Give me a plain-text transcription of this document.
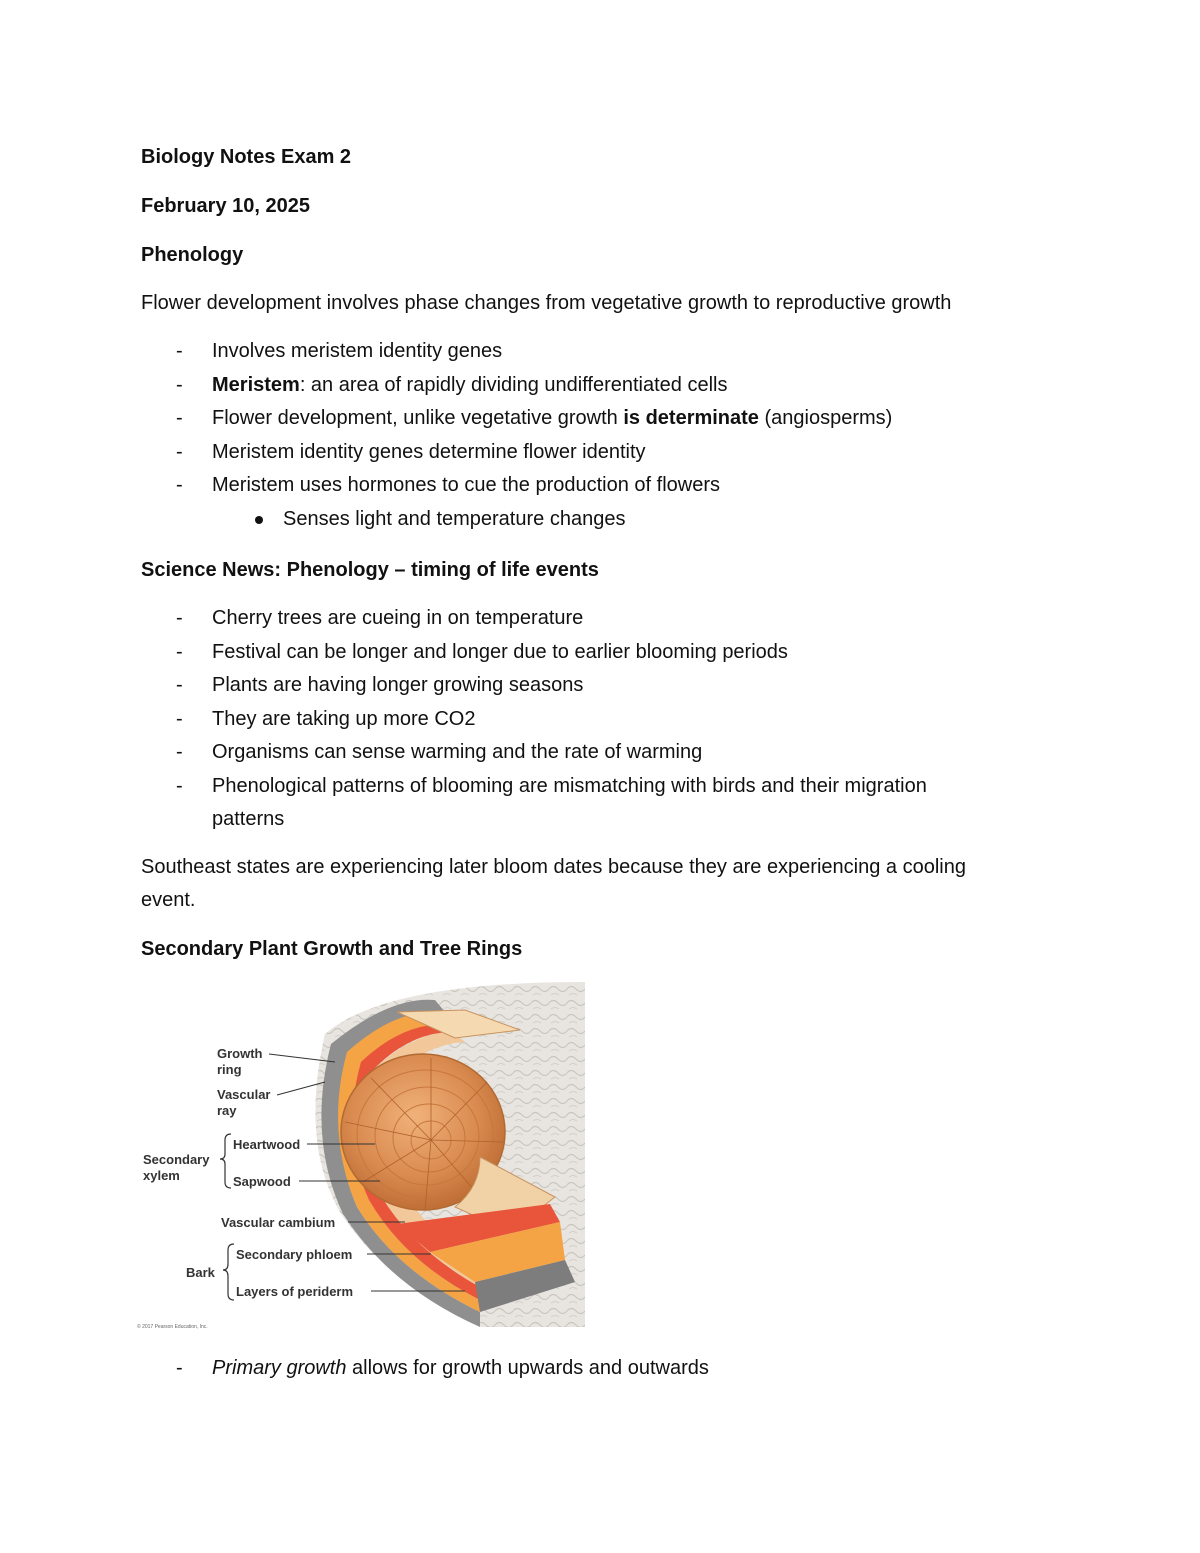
Biology Notes Exam 2
February 10, 2025
Phenology
Flower development involves phase changes from vegetative growth to reproductive growth
- Involves meristem identity genes
- Meristem: an area of rapidly dividing undifferentiated cells
- Flower development, unlike vegetative growth is determinate (angiosperms)
- Meristem identity genes determine flower identity
- Meristem uses hormones to cue the production of flowers
Senses light and temperature changes
Science News: Phenology – timing of life events
- Cherry trees are cueing in on temperature
- Festival can be longer and longer due to earlier blooming periods
- Plants are having longer growing seasons
- They are taking up more CO2
- Organisms can sense warming and the rate of warming
- Phenological patterns of blooming are mismatching with birds and their migration patterns
Southeast states are experiencing later bloom dates because they are experiencing a cooling event.
Secondary Plant Growth and Tree Rings
Growth
ring
Vascular
ray
Secondary
xylem
Heartwood
Sapwood
Vascular cambium
Bark
Secondary phloem
Layers of periderm
© 2017 Pearson Education, Inc.
- Primary growth allows for growth upwards and outwards
